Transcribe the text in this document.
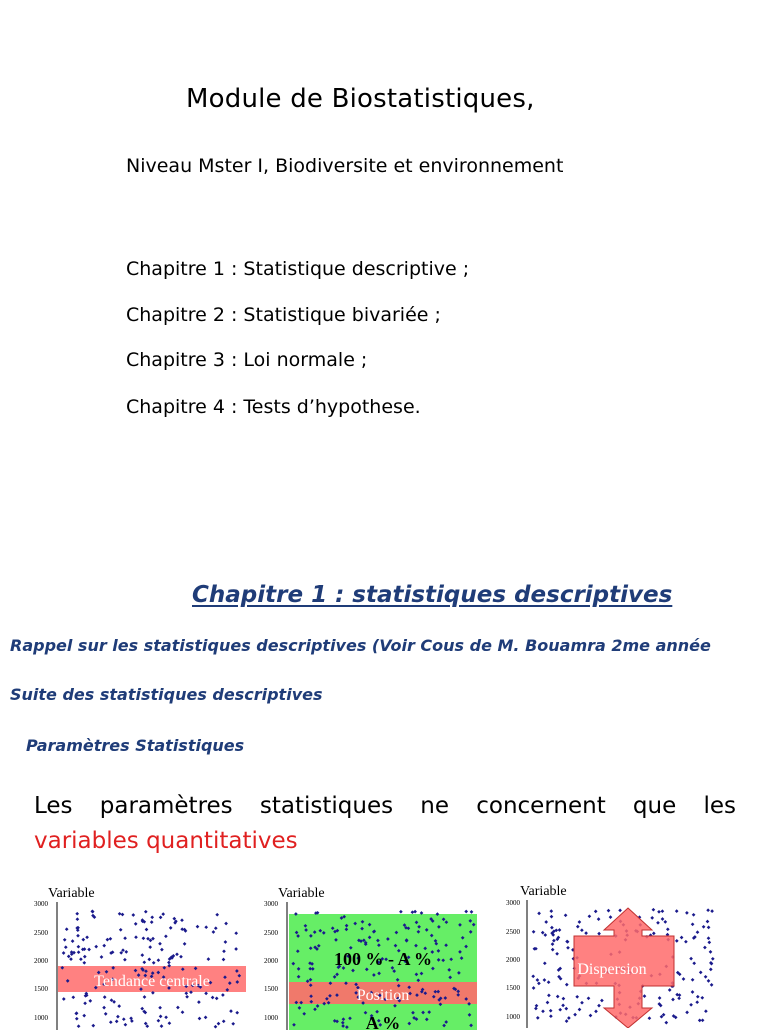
Module de Biostatistiques,
Niveau Mster I, Biodiversite et environnement
Chapitre 1 : Statistique descriptive ;
Chapitre 2 : Statistique bivariée ;
Chapitre 3 : Loi normale ;
Chapitre 4 : Tests d’hypothese.
Chapitre 1 : statistiques descriptives
Rappel sur les statistiques descriptives (Voir Cous de M. Bouamra 2me année
Suite des statistiques descriptives
Paramètres Statistiques
Les paramètres statistiques ne concernent que les
variables quantitatives
Variable
3000
2500
2000
1500
1000
Tendance centrale
Variable
3000
2500
2000
1500
1000
100 % - A %
Position
A %
Variable
3000
2500
2000
1500
1000
Dispersion
